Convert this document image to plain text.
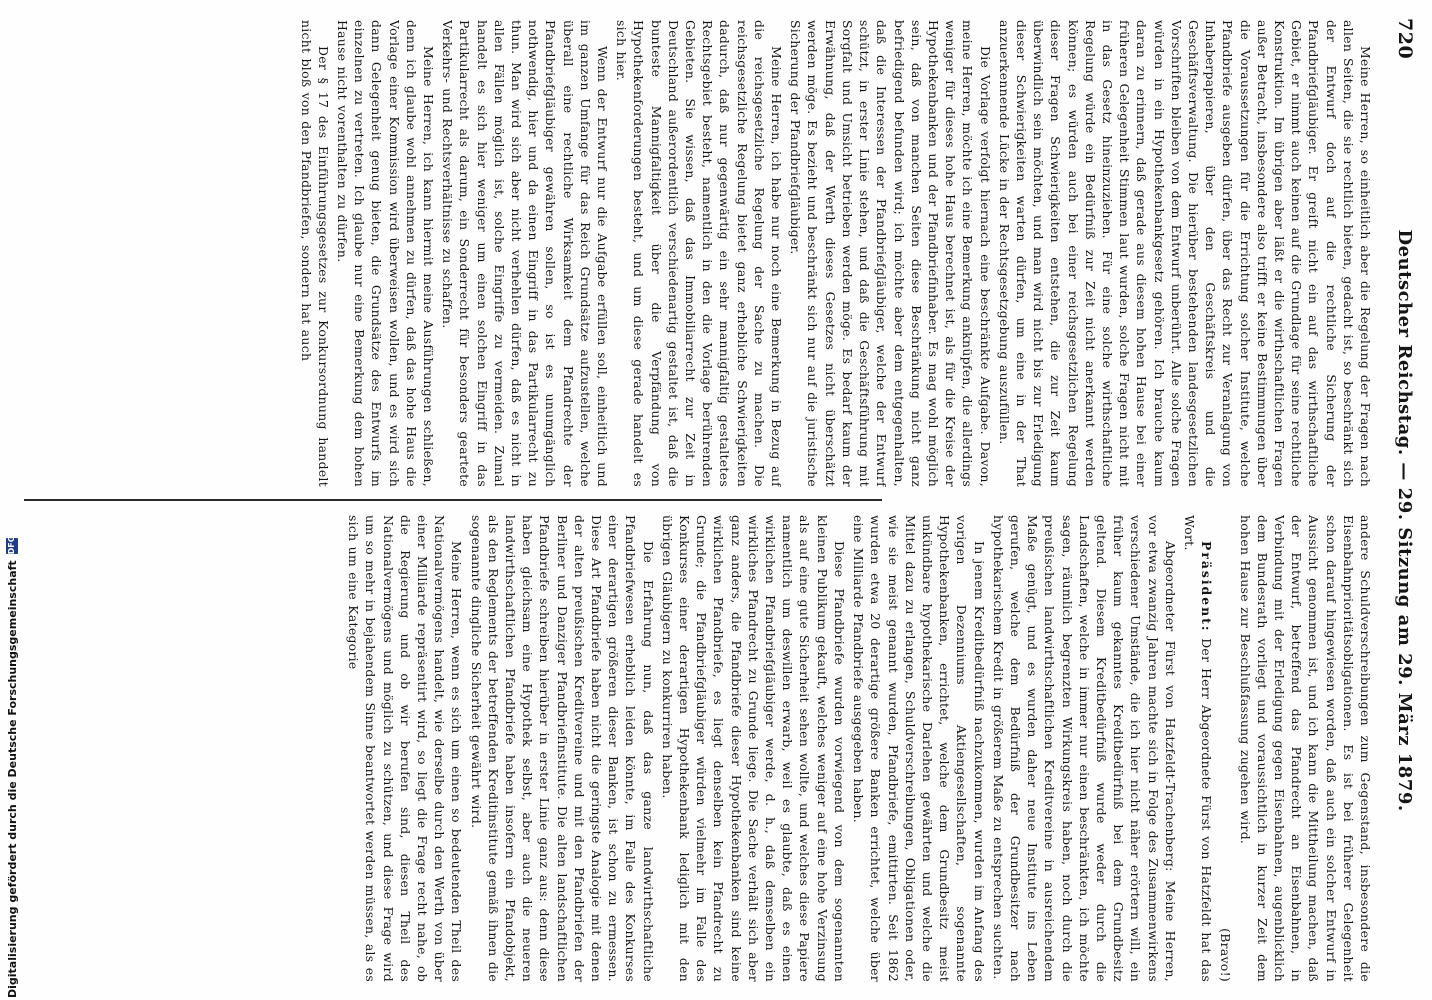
Digitalisierung gefördert durch die Deutsche Forschungsgemeinschaft
DFG
720
Deutscher Reichstag. — 29. Sitzung am 29. März 1879.

Meine Herren, so einheitlich aber die Regelung der Fragen nach allen Seiten, die sie rechtlich bieten, gedacht ist, so beschränkt sich der Entwurf doch auf die rechtliche Sicherung der Pfandbriefgläubiger. Er greift nicht ein auf das wirthschaftliche Gebiet, er nimmt auch keinen auf die Grundlage für seine rechtliche Konstruktion. Im übrigen aber läßt er die wirthschaftlichen Fragen außer Betracht, insbesondere also trifft er keine Bestimmungen über die Voraussetzungen für die Errichtung solcher Institute, welche Pfandbriefe ausgeben dürfen, über das Recht zur Veranlagung von Inhaberpapieren, über den Geschäftskreis und die Geschäftsverwaltung. Die hierüber bestehenden landesgesetzlichen Vorschriften bleiben von dem Entwurf unberührt. Alle solche Fragen würden in ein Hypothekenbankgesetz gehören. Ich brauche kaum daran zu erinnern, daß gerade aus diesem hohen Hause bei einer früheren Gelegenheit Stimmen laut wurden, solche Fragen nicht mit in das Gesetz hineinzuziehen. Für eine solche wirthschaftliche Regelung würde ein Bedürfniß zur Zeit nicht anerkannt werden können; es würden auch bei einer reichsgesetzlichen Regelung dieser Fragen Schwierigkeiten entstehen, die zur Zeit kaum überwindlich sein möchten, und man wird nicht bis zur Erledigung dieser Schwierigkeiten warten dürfen, um eine in der That anzuerkennende Lücke in der Rechtsgesetzgebung auszufüllen.

Die Vorlage verfolgt hiernach eine beschränkte Aufgabe. Davon, meine Herren, möchte ich eine Bemerkung anknüpfen, die allerdings weniger für dieses hohe Haus berechnet ist, als für die Kreise der Hypothekenbanken und der Pfandbriefinhaber. Es mag wohl möglich sein, daß von manchen Seiten diese Beschränkung nicht ganz befriedigend befunden wird; ich möchte aber dem entgegenhalten, daß die Interessen der Pfandbriefgläubiger, welche der Entwurf schützt, in erster Linie stehen, und daß die Geschäftsführung mit Sorgfalt und Umsicht betrieben werden möge. Es bedarf kaum der Erwähnung, daß der Werth dieses Gesetzes nicht überschätzt werden möge. Es bezieht und beschränkt sich nur auf die juristische Sicherung der Pfandbriefgläubiger.

Meine Herren, ich habe nur noch eine Bemerkung in Bezug auf die reichsgesetzliche Regelung der Sache zu machen. Die reichsgesetzliche Regelung bietet ganz erhebliche Schwierigkeiten dadurch, daß nur gegenwärtig ein sehr mannigfaltig gestaltetes Rechtsgebiet besteht, namentlich in den die Vorlage berührenden Gebieten. Sie wissen, daß das Immobiliarrecht zur Zeit in Deutschland außerordentlich verschiedenartig gestaltet ist, daß die bunteste Mannigfaltigkeit über die Verpfändung von Hypothekenforderungen besteht, und um diese gerade handelt es sich hier.

Wenn der Entwurf nur die Aufgabe erfüllen soll, einheitlich und im ganzen Umfange für das Reich Grundsätze aufzustellen, welche überall eine rechtliche Wirksamkeit dem Pfandrechte der Pfandbriefgläubiger gewähren sollen, so ist es unumgänglich nothwendig, hier und da einen Eingriff in das Partikularrecht zu thun. Man wird sich aber nicht verhehlen dürfen, daß es nicht in allen Fällen möglich ist, solche Eingriffe zu vermeiden. Zumal handelt es sich hier weniger um einen solchen Eingriff in das Partikularrecht als darum, ein Sonderrecht für besonders geartete Verkehrs- und Rechtsverhältnisse zu schaffen.

Meine Herren, ich kann hiermit meine Ausführungen schließen, denn ich glaube wohl annehmen zu dürfen, daß das hohe Haus die Vorlage einer Kommission wird überweisen wollen, und es wird sich dann Gelegenheit genug bieten, die Grundsätze des Entwurfs im einzelnen zu vertreten. Ich glaube nur eine Bemerkung dem hohen Hause nicht vorenthalten zu dürfen.

Der § 17 des Einführungsgesetzes zur Konkursordnung handelt nicht bloß von den Pfandbriefen, sondern hat auch

andere Schuldverschreibungen zum Gegenstand, insbesondere die Eisenbahnprioritätsobligationen. Es ist bei früherer Gelegenheit schon darauf hingewiesen worden, daß auch ein solcher Entwurf in Aussicht genommen ist, und ich kann die Mittheilung machen, daß der Entwurf, betreffend das Pfandrecht an Eisenbahnen, in Verbindung mit der Erledigung gegen Eisenbahnen, augenblicklich dem Bundesrath vorliegt und voraussichtlich in kurzer Zeit dem hohen Hause zur Beschlußfassung zugehen wird.

(Bravo!)

Präsident: Der Herr Abgeordnete Fürst von Hatzfeldt hat das Wort.

Abgeordneter Fürst von Hatzfeldt-Trachenberg: Meine Herren, vor etwa zwanzig Jahren machte sich in Folge des Zusammenwirkens verschiedener Umstände, die ich hier nicht näher erörtern will, ein früher kaum gekanntes Kreditbedürfniß bei dem Grundbesitz geltend. Diesem Kreditbedürfniß wurde weder durch die Landschaften, welche in immer nur einen beschränkten, ich möchte sagen, räumlich begrenzten Wirkungskreis haben, noch durch die preußischen landwirthschaftlichen Kreditvereine in ausreichendem Maße genügt, und es wurden daher neue Institute ins Leben gerufen, welche dem Bedürfniß der Grundbesitzer nach hypothekarischem Kredit in größerem Maße zu entsprechen suchten.

In jenem Kreditbedürfniß nachzukommen, wurden im Anfang des vorigen Dezenniums Aktiengesellschaften, sogenannte Hypothekenbanken, errichtet, welche dem Grundbesitz meist unkündbare hypothekarische Darlehen gewährten und welche die Mittel dazu zu erlangen, Schuldverschreibungen, Obligationen oder, wie sie meist genannt wurden, Pfandbriefe, emittirten. Seit 1862 wurden etwa 20 derartige größere Banken errichtet, welche über eine Milliarde Pfandbriefe ausgegeben haben.

Diese Pfandbriefe wurden vorwiegend von dem sogenannten kleinen Publikum gekauft, welches weniger auf eine hohe Verzinsung als auf eine gute Sicherheit sehen wollte, und welches diese Papiere namentlich um deswillen erwarb, weil es glaubte, daß es einen wirklichen Pfandbriefgläubiger werde, d. h., daß demselben ein wirkliches Pfandrecht zu Grunde liege. Die Sache verhält sich aber ganz anders, die Pfandbriefe dieser Hypothekenbanken sind keine wirklichen Pfandbriefe, es liegt denselben kein Pfandrecht zu Grunde; die Pfandbriefgläubiger würden vielmehr im Falle des Konkurses einer derartigen Hypothekenbank lediglich mit den übrigen Gläubigern zu konkurriren haben.

Die Erfahrung nun, daß das ganze landwirthschaftliche Pfandbriefwesen erheblich leiden könnte, im Falle des Konkurses einer derartigen größeren dieser Banken, ist schon zu ermessen. Diese Art Pfandbriefe haben nicht die geringste Analogie mit denen der alten preußischen Kreditvereine und mit den Pfandbriefen der Berliner und Danziger Pfandbriefinstitute. Die alten landschaftlichen Pfandbriefe schreiben hierüber in erster Linie ganz aus: denn diese haben gleichsam eine Hypothek selbst, aber auch die neueren landwirthschaftlichen Pfandbriefe haben insofern ein Pfandobjekt, als den Reglements der betreffenden Kreditinstitute gemäß ihnen die sogenannte dingliche Sicherheit gewährt wird.

Meine Herren, wenn es sich um einen so bedeutenden Theil des Nationalvermögens handelt, wie derselbe durch den Werth von über einer Milliarde repräsentirt wird, so liegt die Frage recht nahe, ob die Regierung und ob wir berufen sind, diesen Theil des Nationalvermögens und möglich zu schützen, und diese Frage wird um so mehr in bejahendem Sinne beantwortet werden müssen, als es sich um eine Kategorie
